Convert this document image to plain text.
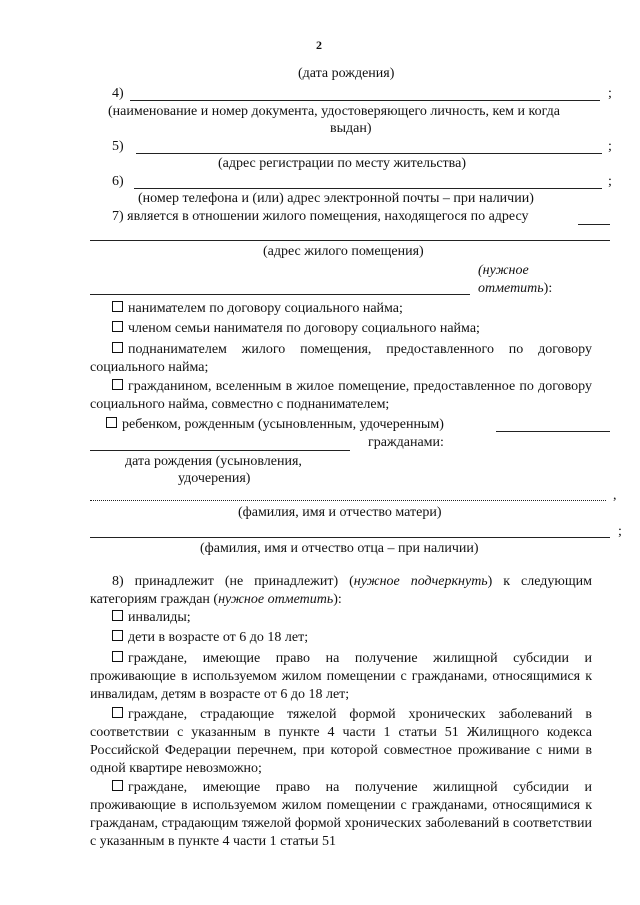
2
(дата рождения)
4)	;
(наименование и номер документа, удостоверяющего личность, кем и когда
выдан)
5)	;
(адрес регистрации по месту жительства)
6)	;
(номер телефона и (или) адрес электронной почты – при наличии)
7) является в отношении жилого помещения, находящегося по адресу
(адрес жилого помещения)
(нужное
отметить):
нанимателем по договору социального найма;
членом семьи нанимателя по договору социального найма;
поднанимателем жилого помещения, предоставленного по договору социального найма;
гражданином, вселенным в жилое помещение, предоставленное по договору социального найма, совместно с поднанимателем;
ребенком, рожденным (усыновленным, удочеренным)
гражданами:
дата рождения (усыновления,
удочерения)
,
(фамилия, имя и отчество матери)
;
(фамилия, имя и отчество отца – при наличии)
8) принадлежит (не принадлежит) (нужное подчеркнуть) к следующим категориям граждан (нужное отметить):
инвалиды;
дети в возрасте от 6 до 18 лет;
граждане, имеющие право на получение жилищной субсидии и проживающие в используемом жилом помещении с гражданами, относящимися к инвалидам, детям в возрасте от 6 до 18 лет;
граждане, страдающие тяжелой формой хронических заболеваний в соответствии с указанным в пункте 4 части 1 статьи 51 Жилищного кодекса Российской Федерации перечнем, при которой совместное проживание с ними в одной квартире невозможно;
граждане, имеющие право на получение жилищной субсидии и проживающие в используемом жилом помещении с гражданами, относящимися к гражданам, страдающим тяжелой формой хронических заболеваний в соответствии с указанным в пункте 4 части 1 статьи 51
